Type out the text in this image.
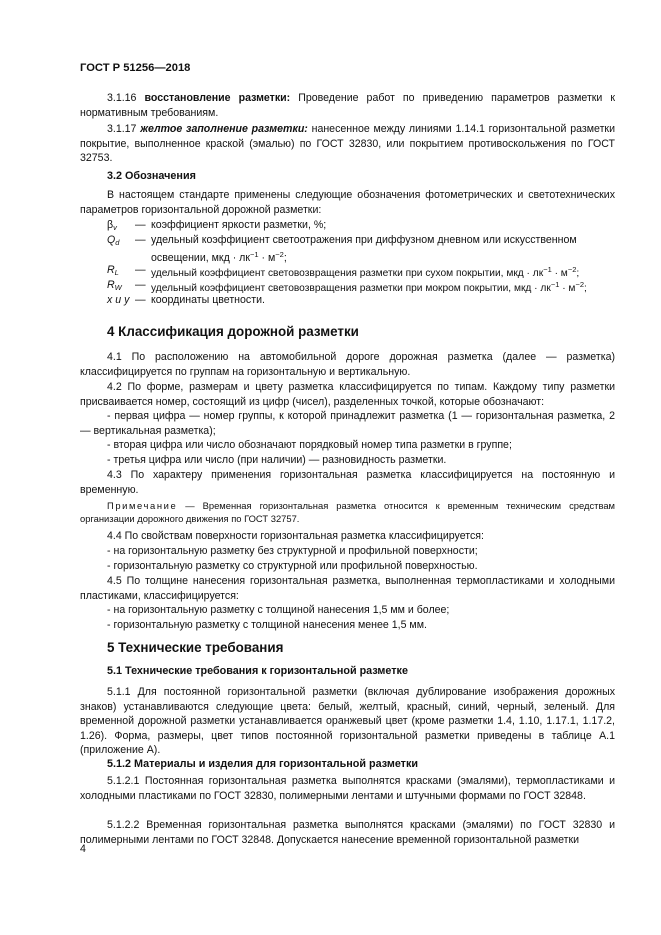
ГОСТ Р 51256—2018
3.1.16 восстановление разметки: Проведение работ по приведению параметров разметки к нормативным требованиям.
3.1.17 желтое заполнение разметки: нанесенное между линиями 1.14.1 горизонтальной разметки покрытие, выполненное краской (эмалью) по ГОСТ 32830, или покрытием противоскольжения по ГОСТ 32753.
3.2 Обозначения
В настоящем стандарте применены следующие обозначения фотометрических и светотехнических параметров горизонтальной дорожной разметки:
$\beta_v$	— коэффициент яркости разметки, %;
$Q_d$	— удельный коэффициент светоотражения при диффузном дневном или искусственном
освещении, мкд · $лк^{-1} \cdot м^{-2}$;
$R_L$	— удельный коэффициент световозвращения разметки при сухом покрытии, мкд · $лк^{-1} \cdot м^{-2}$;
$R_W$	— удельный коэффициент световозвращения разметки при мокром покрытии, мкд · $лк^{-1} \cdot м^{-2}$;
x и y — координаты цветности.
4 Классификация дорожной разметки
4.1 По расположению на автомобильной дороге дорожная разметка (далее — разметка) классифицируется по группам на горизонтальную и вертикальную.
4.2 По форме, размерам и цвету разметка классифицируется по типам. Каждому типу разметки присваивается номер, состоящий из цифр (чисел), разделенных точкой, которые обозначают:
- первая цифра — номер группы, к которой принадлежит разметка (1 — горизонтальная разметка, 2 — вертикальная разметка);
- вторая цифра или число обозначают порядковый номер типа разметки в группе;
- третья цифра или число (при наличии) — разновидность разметки.
4.3 По характеру применения горизонтальная разметка классифицируется на постоянную и временную.
Примечание — Временная горизонтальная разметка относится к временным техническим средствам организации дорожного движения по ГОСТ 32757.
4.4 По свойствам поверхности горизонтальная разметка классифицируется:
- на горизонтальную разметку без структурной и профильной поверхности;
- горизонтальную разметку со структурной или профильной поверхностью.
4.5 По толщине нанесения горизонтальная разметка, выполненная термопластиками и холодными пластиками, классифицируется:
- на горизонтальную разметку с толщиной нанесения 1,5 мм и более;
- горизонтальную разметку с толщиной нанесения менее 1,5 мм.
5 Технические требования
5.1 Технические требования к горизонтальной разметке
5.1.1 Для постоянной горизонтальной разметки (включая дублирование изображения дорожных знаков) устанавливаются следующие цвета: белый, желтый, красный, синий, черный, зеленый. Для временной дорожной разметки устанавливается оранжевый цвет (кроме разметки 1.4, 1.10, 1.17.1, 1.17.2, 1.26). Форма, размеры, цвет типов постоянной горизонтальной разметки приведены в таблице А.1 (приложение А).
5.1.2 Материалы и изделия для горизонтальной разметки
5.1.2.1 Постоянная горизонтальная разметка выполнятся красками (эмалями), термопластиками и холодными пластиками по ГОСТ 32830, полимерными лентами и штучными формами по ГОСТ 32848.
5.1.2.2 Временная горизонтальная разметка выполнятся красками (эмалями) по ГОСТ 32830 и полимерными лентами по ГОСТ 32848. Допускается нанесение временной горизонтальной разметки
4
